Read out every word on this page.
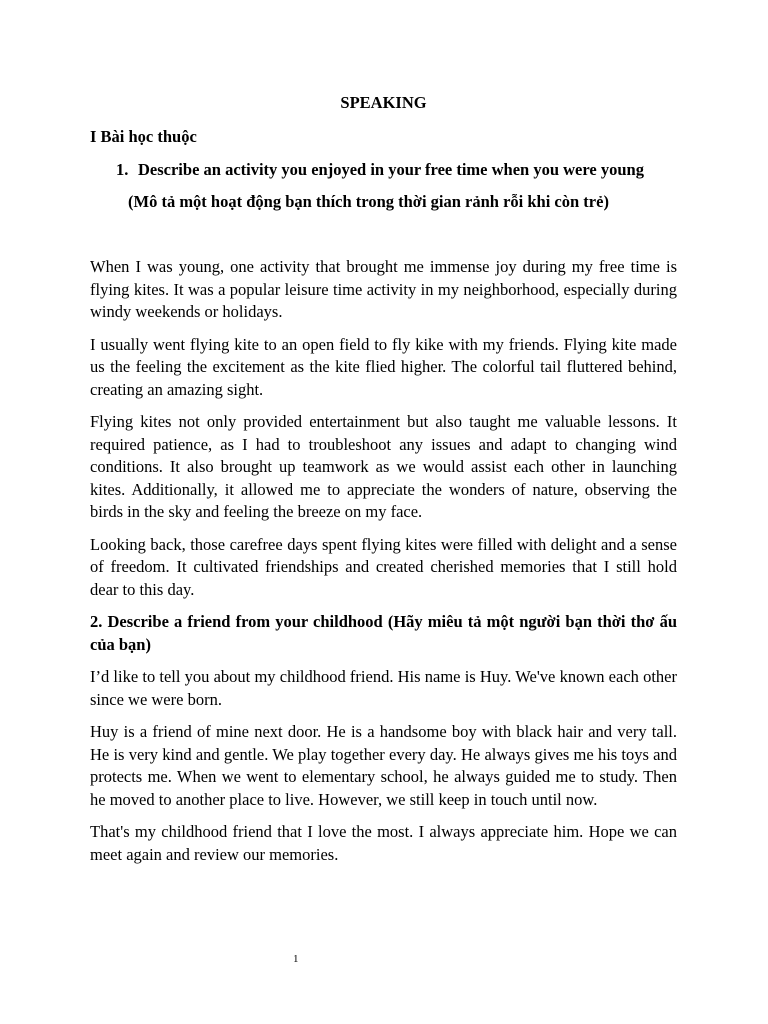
SPEAKING
I Bài học thuộc
1. Describe an activity you enjoyed in your free time when you were young
(Mô tả một hoạt động bạn thích trong thời gian rảnh rỗi khi còn trẻ)

When I was young, one activity that brought me immense joy during my free time is flying kites. It was a popular leisure time activity in my neighborhood, especially during windy weekends or holidays.

I usually went flying kite to an open field to fly kike with my friends. Flying kite made us the feeling the excitement as the kite flied higher. The colorful tail fluttered behind, creating an amazing sight.

Flying kites not only provided entertainment but also taught me valuable lessons. It required patience, as I had to troubleshoot any issues and adapt to changing wind conditions. It also brought up teamwork as we would assist each other in launching kites. Additionally, it allowed me to appreciate the wonders of nature, observing the birds in the sky and feeling the breeze on my face.

Looking back, those carefree days spent flying kites were filled with delight and a sense of freedom. It cultivated friendships and created cherished memories that I still hold dear to this day.

2. Describe a friend from your childhood (Hãy miêu tả một người bạn thời thơ ấu của bạn)

I’d like to tell you about my childhood friend. His name is Huy. We've known each other since we were born.

Huy is a friend of mine next door. He is a handsome boy with black hair and very tall. He is very kind and gentle. We play together every day. He always gives me his toys and protects me. When we went to elementary school, he always guided me to study. Then he moved to another place to live. However, we still keep in touch until now.

That's my childhood friend that I love the most. I always appreciate him. Hope we can meet again and review our memories.

1
